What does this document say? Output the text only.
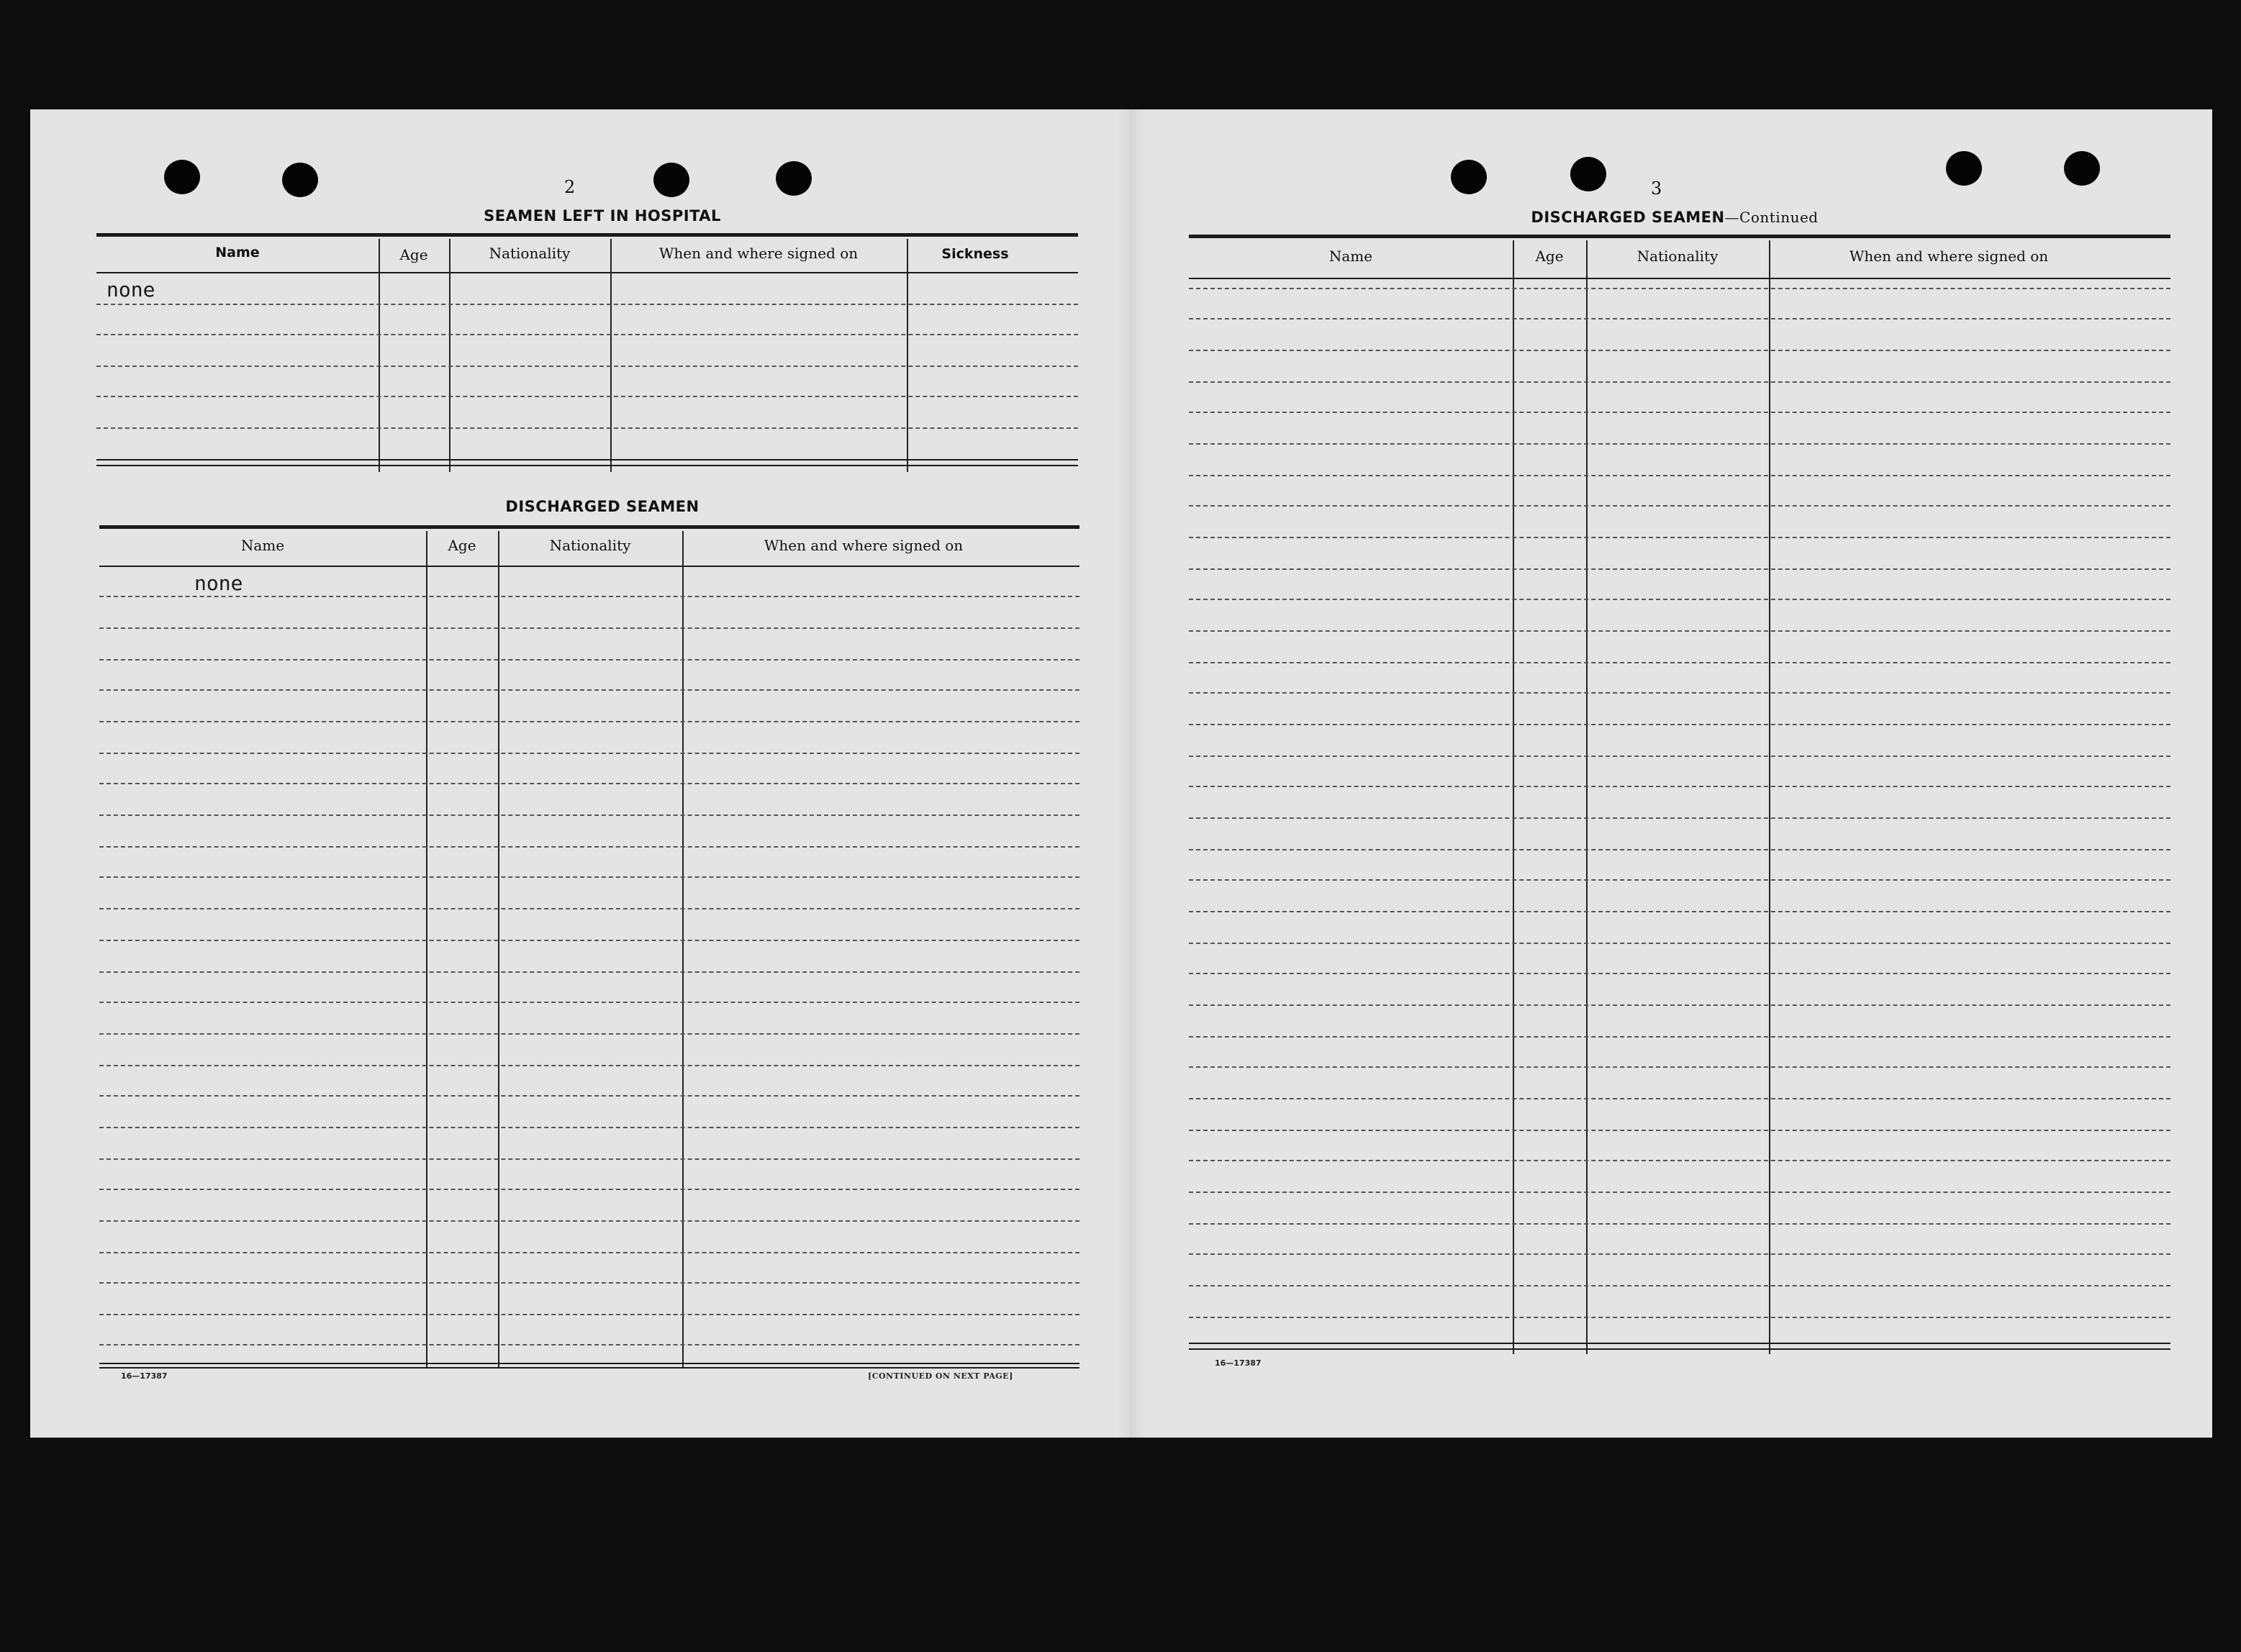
2
SEAMEN LEFT IN HOSPITAL
Name	Age	Nationality	When and where signed on	Sickness
none
DISCHARGED SEAMEN
Name	Age	Nationality	When and where signed on
none
16—17387	[CONTINUED ON NEXT PAGE]
3
DISCHARGED SEAMEN—Continued
Name	Age	Nationality	When and where signed on
16—17387
